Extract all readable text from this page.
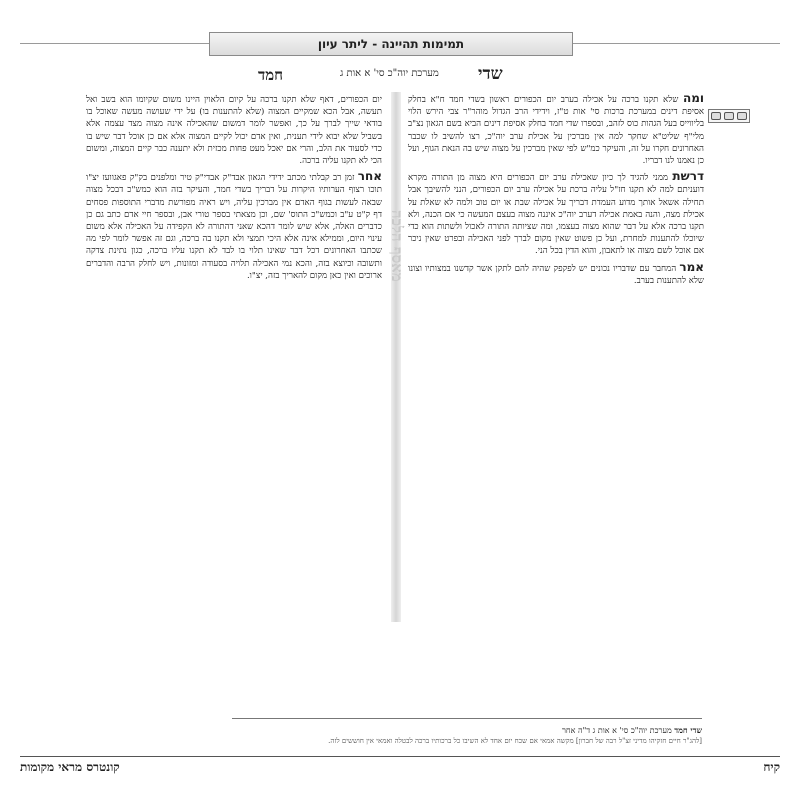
תמימות תהיינה - ליתר עיון
חמד	מערכת יוה"כ סי' א אות ג שדי

ומה שלא תקנו ברכה על אכילה בערב יום הכפורים ראשון בשדי חמד ח"א בחלק אסיפת דינים במערכת ברכות סי' אות ט"ז, וידידי הרב הגדול מוהר"ר צבי הירש הלוי בליווייס בעל הגהות כוס לזהב, ובספרו שדי חמד בחלק אסיפת דינים הביא בשם הגאון נצ"ב מלי"ף שליט"א שחקר למה אין מברכין על אכילת ערב יוה"כ, רצו להשיב לו שכבר האחרונים חקרו על זה, והעיקר כמ"ש לפי שאין מברכין על מצוה שיש בה הנאת הגוף, ועל כן נאמנו לנו דבריו.

דרשת ממני להגיד לך כיון שאכילת ערב יום הכפורים היא מצוה מן התורה מקרא דועניתם למה לא תקנו חז"ל עליה ברכת על אכילה ערב יום הכפורים, הנני להשיבך אבל תחילה אשאל אותך מדוע העמדת דבריך על אכילה שבת או יום טוב ולמה לא שאלת על אכילת מצה, והנה באמת אכילה דערב יוה"כ איננה מצוה בעצם המעשה כי אם הכנה, ולא תקנו ברכה אלא על דבר שהוא מצוה בעצמו, ומה שציותה התורה לאכול ולשתות הוא כדי שיוכלו להתענות למחרת, ועל כן פשוט שאין מקום לברך לפני האכילה ובפרט שאין ניכר אם אוכל לשם מצוה או לתאבון, והוא הדין בכל הני.

אמר המחבר עם שדבריו נכונים יש לפקפק שהיה להם לתקן אשר קדשנו במצותיו וצונו שלא להתענות בערב.

מאסף הלכה

יום הכפורים, דאף שלא תקנו ברכה על קיום הלאוין היינו משום שקיומו הוא בשב ואל תעשה, אבל הכא שמקיים המצוה (שלא להתענות בו) על ידי שעושה מעשה שאוכל בו בודאי שייך לברך על כך, ואפשר לומר דמשום שהאכילה אינה מצוה מצד עצמה אלא בשביל שלא יבוא לידי תענית, ואין אדם יכול לקיים המצוה אלא אם כן אוכל דבר שיש בו כדי לסעוד את הלב, והרי אם יאכל מעט פחות מכזית ולא יתענה כבר קיים המצוה, ומשום הכי לא תקנו עליה ברכה.

אחר זמן רב קבלתי מכתב ידידי הגאון אבד"ק אבדי"ק טיר ומלפנים בק"ק פאגוועז יצ"ו תוכו רצוף הערותיו היקרות על דבריך בשדי חמד, והעיקר בזה הוא כמש"כ דבכל מצוה שבאה לעשות בגוף האדם אין מברכין עליה, ויש ראיה מפורשת מדברי התוספות פסחים דף ק"ט ע"ב וכמש"כ התוס' שם, וכן מצאתי בספר טורי אבן, ובספר חיי אדם כתב גם כן כדברים האלה, אלא שיש לומר דהכא שאני דהתורה לא הקפידה על האכילה אלא משום עינוי היום, וממילא אינה אלא היכי תמצי ולא תקנו בה ברכה, וגם זה אפשר לומר לפי מה שכתבו האחרונים דכל דבר שאינו תלוי בו לבד לא תקנו עליו ברכה, כגון נתינת צדקה ותשובה וכיוצא בזה, והכא נמי האכילה תלויה בסעודה ומזונות, ויש לחלק הרבה והדברים ארוכים ואין כאן מקום להאריך בזה, יצ"ו.

שדי חמד מערכת יוה"כ סי' א אות ג ד"ה אחר
[להג"ר חיים חזקיהו מדיני זצ"ל רבה של חברון] מקשה אמאי אם שכח יום אחד לא השיבו כל ברכותיו ברכה לבטלה ואמאי אין חוששים לזה.
קונטרס מראי מקומות	קיח
